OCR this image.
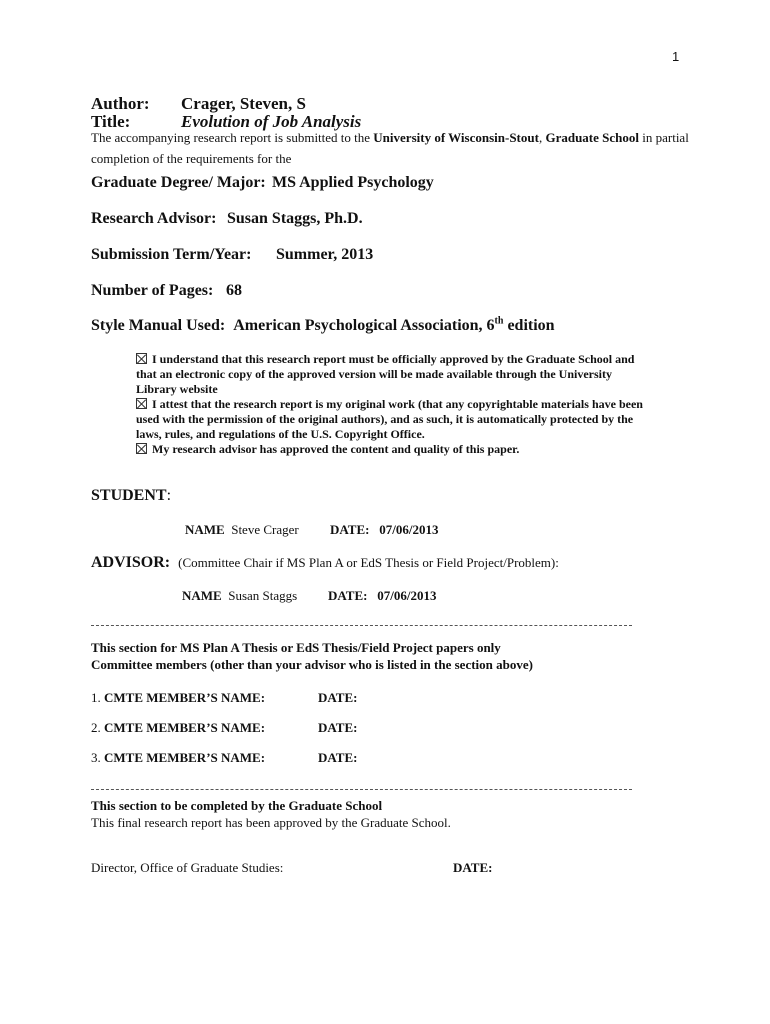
1
Author: Crager, Steven, S
Title:	Evolution of Job Analysis
The accompanying research report is submitted to the University of Wisconsin-Stout, Graduate School in partial
completion of the requirements for the
Graduate Degree/ Major: MS Applied Psychology
Research Advisor: Susan Staggs, Ph.D.
Submission Term/Year: Summer, 2013
Number of Pages: 68
Style Manual Used: American Psychological Association, 6th edition
I understand that this research report must be officially approved by the Graduate School and
that an electronic copy of the approved version will be made available through the University
Library website
I attest that the research report is my original work (that any copyrightable materials have been
used with the permission of the original authors), and as such, it is automatically protected by the
laws, rules, and regulations of the U.S. Copyright Office.
My research advisor has approved the content and quality of this paper.
STUDENT:
NAME Steve Crager DATE: 07/06/2013
ADVISOR: (Committee Chair if MS Plan A or EdS Thesis or Field Project/Problem):
NAME Susan Staggs DATE: 07/06/2013
This section for MS Plan A Thesis or EdS Thesis/Field Project papers only
Committee members (other than your advisor who is listed in the section above)
1. CMTE MEMBER’S NAME:	DATE:
2. CMTE MEMBER’S NAME:	DATE:
3. CMTE MEMBER’S NAME:	DATE:
This section to be completed by the Graduate School
This final research report has been approved by the Graduate School.
Director, Office of Graduate Studies:	DATE:
